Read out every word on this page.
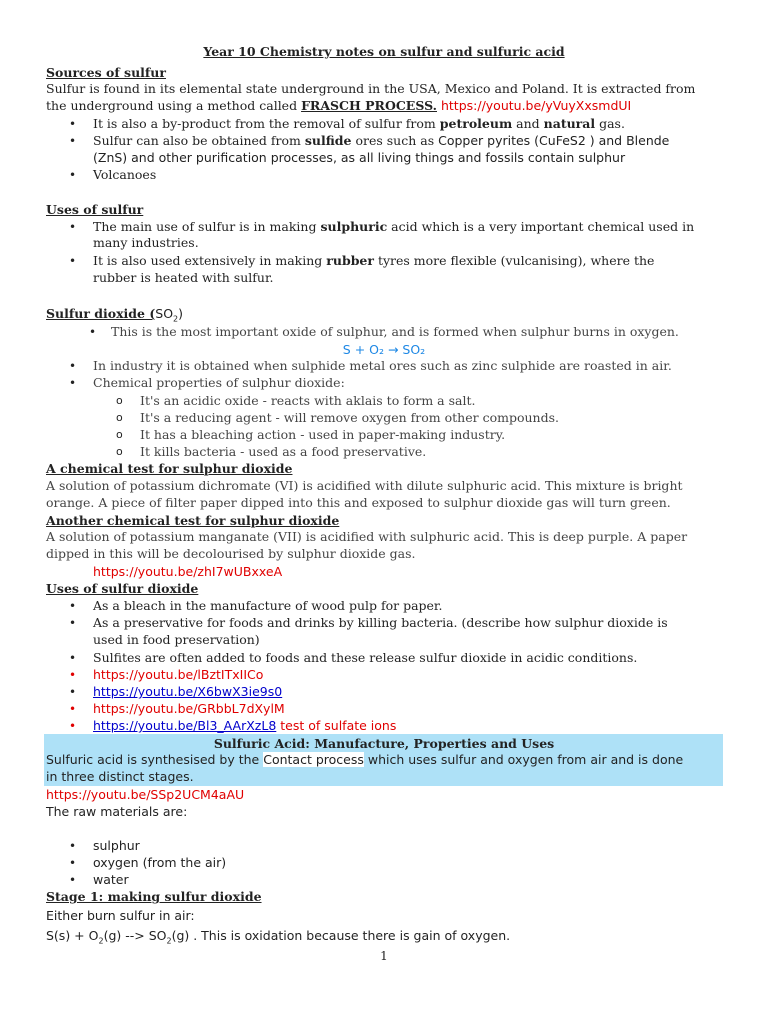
Year 10 Chemistry notes on sulfur and sulfuric acid
Sources of sulfur
Sulfur is found in its elemental state underground in the USA, Mexico and Poland. It is extracted from
the underground using a method called FRASCH PROCESS. https://youtu.be/yVuyXxsmdUI
• It is also a by-product from the removal of sulfur from petroleum and natural gas.
• Sulfur can also be obtained from sulfide ores such as Copper pyrites (CuFeS2 ) and Blende
(ZnS) and other purification processes, as all living things and fossils contain sulphur
• Volcanoes
Uses of sulfur
• The main use of sulfur is in making sulphuric acid which is a very important chemical used in
many industries.
• It is also used extensively in making rubber tyres more flexible (vulcanising), where the
rubber is heated with sulfur.
Sulfur dioxide $(SO_2)$
• This is the most important oxide of sulphur, and is formed when sulphur burns in oxygen.
S + O₂ → SO₂
• In industry it is obtained when sulphide metal ores such as zinc sulphide are roasted in air.
• Chemical properties of sulphur dioxide:
o It's an acidic oxide - reacts with aklais to form a salt.
o It's a reducing agent - will remove oxygen from other compounds.
o It has a bleaching action - used in paper-making industry.
o It kills bacteria - used as a food preservative.
A chemical test for sulphur dioxide
A solution of potassium dichromate (VI) is acidified with dilute sulphuric acid. This mixture is bright
orange. A piece of filter paper dipped into this and exposed to sulphur dioxide gas will turn green.
Another chemical test for sulphur dioxide
A solution of potassium manganate (VII) is acidified with sulphuric acid. This is deep purple. A paper
dipped in this will be decolourised by sulphur dioxide gas.
https://youtu.be/zhI7wUBxxeA
Uses of sulfur dioxide
• As a bleach in the manufacture of wood pulp for paper.
• As a preservative for foods and drinks by killing bacteria. (describe how sulphur dioxide is
used in food preservation)
• Sulfites are often added to foods and these release sulfur dioxide in acidic conditions.
• https://youtu.be/lBztITxIICo
• https://youtu.be/X6bwX3ie9s0
• https://youtu.be/GRbbL7dXylM
• https://youtu.be/Bl3_AArXzL8 test of sulfate ions
Sulfuric Acid: Manufacture, Properties and Uses
Sulfuric acid is synthesised by the Contact process which uses sulfur and oxygen from air and is done
in three distinct stages.
https://youtu.be/SSp2UCM4aAU
The raw materials are:
• sulphur
• oxygen (from the air)
• water
Stage 1: making sulfur dioxide
Either burn sulfur in air:
$S(s) + O_2(g)$ --> $SO_2(g)$ . This is oxidation because there is gain of oxygen.
1
